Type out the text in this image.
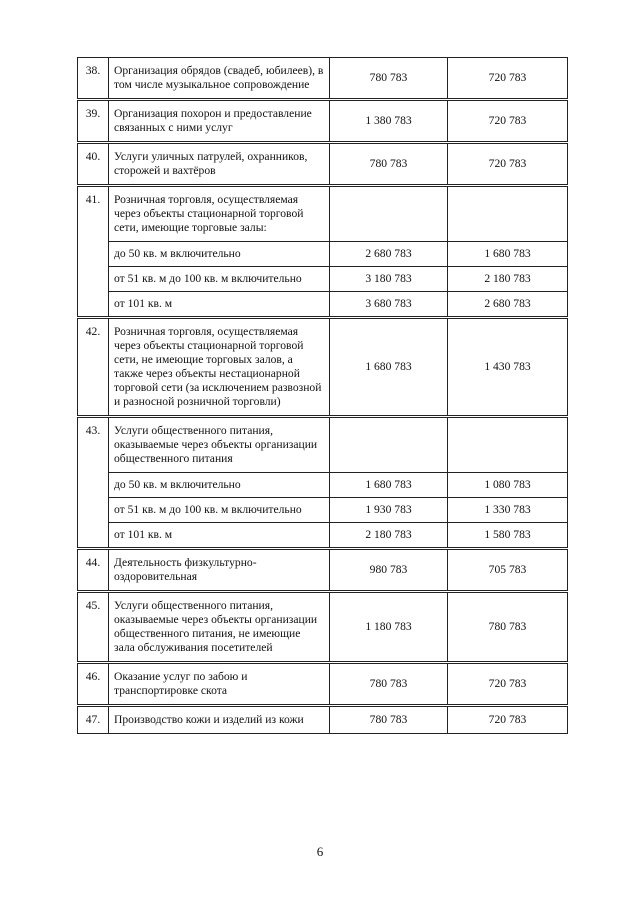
38.	Организация обрядов (свадеб, юбилеев), в том числе музыкальное сопровождение	780 783	720 783
39.	Организация похорон и предоставление связанных с ними услуг	1 380 783	720 783
40.	Услуги уличных патрулей, охранников, сторожей и вахтёров	780 783	720 783
41.	Розничная торговля, осуществляемая через объекты стационарной торговой сети, имеющие торговые залы:		
	до 50 кв. м включительно	2 680 783	1 680 783
	от 51 кв. м до 100 кв. м включительно	3 180 783	2 180 783
	от 101 кв. м	3 680 783	2 680 783
42.	Розничная торговля, осуществляемая через объекты стационарной торговой сети, не имеющие торговых залов, а также через объекты нестационарной торговой сети (за исключением развозной и разносной розничной торговли)	1 680 783	1 430 783
43.	Услуги общественного питания, оказываемые через объекты организации общественного питания		
	до 50 кв. м включительно	1 680 783	1 080 783
	от 51 кв. м до 100 кв. м включительно	1 930 783	1 330 783
	от 101 кв. м	2 180 783	1 580 783
44.	Деятельность физкультурно-оздоровительная	980 783	705 783
45.	Услуги общественного питания, оказываемые через объекты организации общественного питания, не имеющие зала обслуживания посетителей	1 180 783	780 783
46.	Оказание услуг по забою и транспортировке скота	780 783	720 783
47.	Производство кожи и изделий из кожи	780 783	720 783
6
